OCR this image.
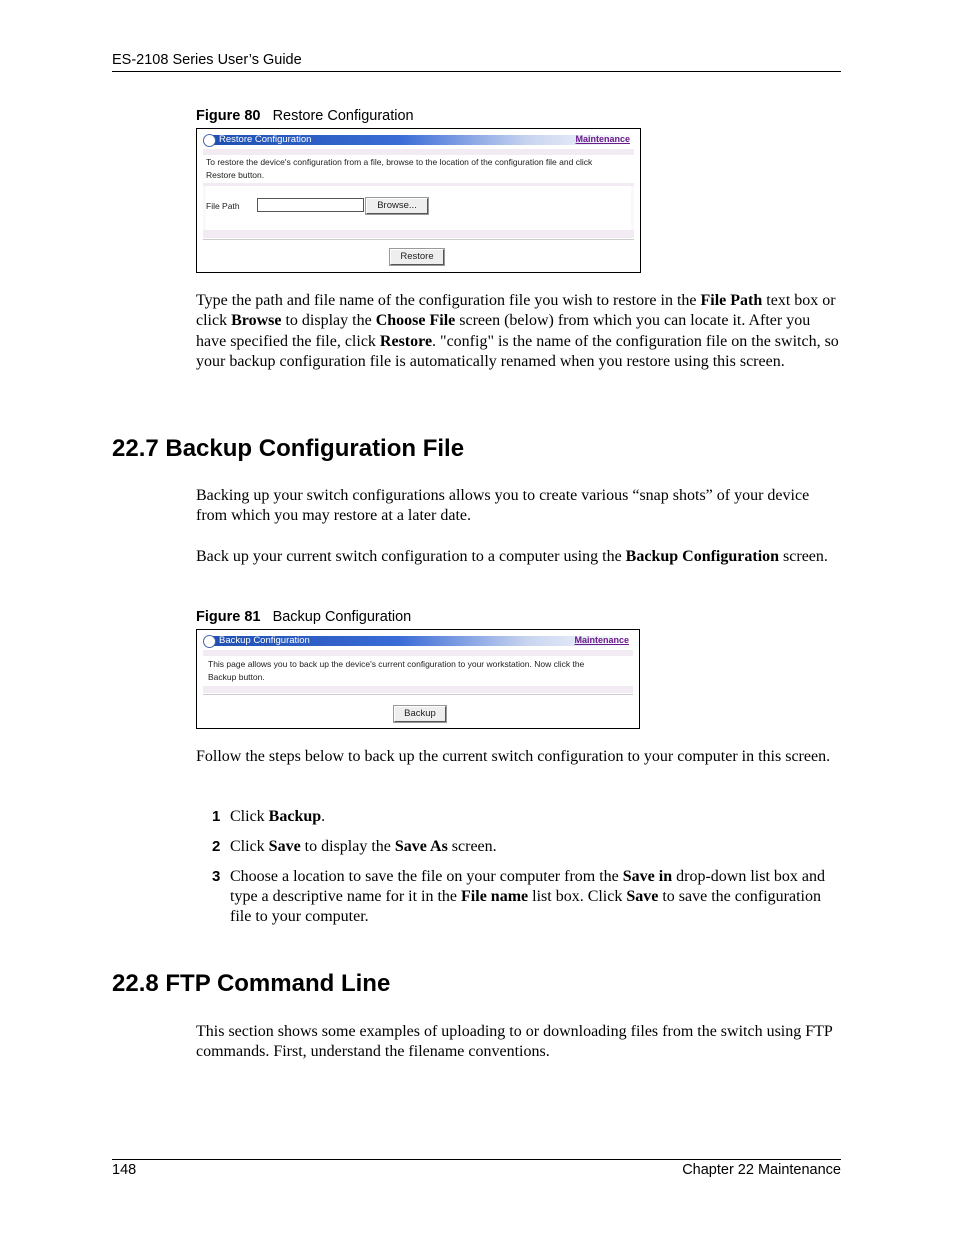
ES-2108 Series User’s Guide
Figure 80 Restore Configuration
Restore Configuration	Maintenance
To restore the device's configuration from a file, browse to the location of the configuration file and click
Restore button.
File Path	Browse...
Restore
Type the path and file name of the configuration file you wish to restore in the File Path text box or click Browse to display the Choose File screen (below) from which you can locate it. After you have specified the file, click Restore. "config" is the name of the configuration file on the switch, so your backup configuration file is automatically renamed when you restore using this screen.
22.7 Backup Configuration File
Backing up your switch configurations allows you to create various “snap shots” of your device from which you may restore at a later date.
Back up your current switch configuration to a computer using the Backup Configuration screen.
Figure 81 Backup Configuration
Backup Configuration	Maintenance
This page allows you to back up the device's current configuration to your workstation. Now click the
Backup button.
Backup
Follow the steps below to back up the current switch configuration to your computer in this screen.
1 Click Backup.
2 Click Save to display the Save As screen.
3 Choose a location to save the file on your computer from the Save in drop-down list box and type a descriptive name for it in the File name list box. Click Save to save the configuration file to your computer.
22.8 FTP Command Line
This section shows some examples of uploading to or downloading files from the switch using FTP commands. First, understand the filename conventions.
148	Chapter 22 Maintenance
